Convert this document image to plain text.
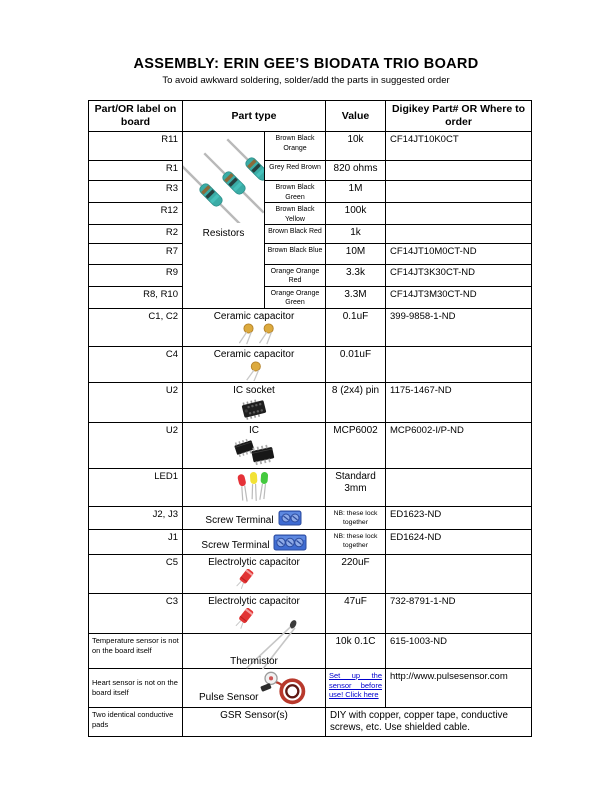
ASSEMBLY: ERIN GEE’S BIODATA TRIO BOARD
To avoid awkward soldering, solder/add the parts in suggested order
Part/OR label on board	Part type		Value	Digikey Part# OR Where to order
R11	Resistors	Brown Black Orange	10k	CF14JT10K0CT
R1		Grey Red Brown	820 ohms	
R3		Brown Black Green	1M	
R12		Brown Black Yellow	100k	
R2		Brown Black Red	1k	
R7		Brown Black Blue	10M	CF14JT10M0CT-ND
R9		Orange Orange Red	3.3k	CF14JT3K30CT-ND
R8, R10		Orange Orange Green	3.3M	CF14JT3M30CT-ND
C1, C2	Ceramic capacitor		0.1uF	399-9858-1-ND
C4	Ceramic capacitor		0.01uF	
U2	IC socket		8 (2x4) pin	1175-1467-ND
U2	IC		MCP6002	MCP6002-I/P-ND
LED1			Standard 3mm	
J2, J3	Screw Terminal		NB: these lock together	ED1623-ND
J1	Screw Terminal		NB: these lock together	ED1624-ND
C5	Electrolytic capacitor		220uF	
C3	Electrolytic capacitor		47uF	732-8791-1-ND
Temperature sensor is not on the board itself	Thermistor		10k 0.1C	615-1003-ND
Heart sensor is not on the board itself	Pulse Sensor		Set up the sensor before use! Click here	http://www.pulsesensor.com
Two identical conductive pads	GSR Sensor(s)		DIY with copper, copper tape, conductive screws, etc. Use shielded cable.	
